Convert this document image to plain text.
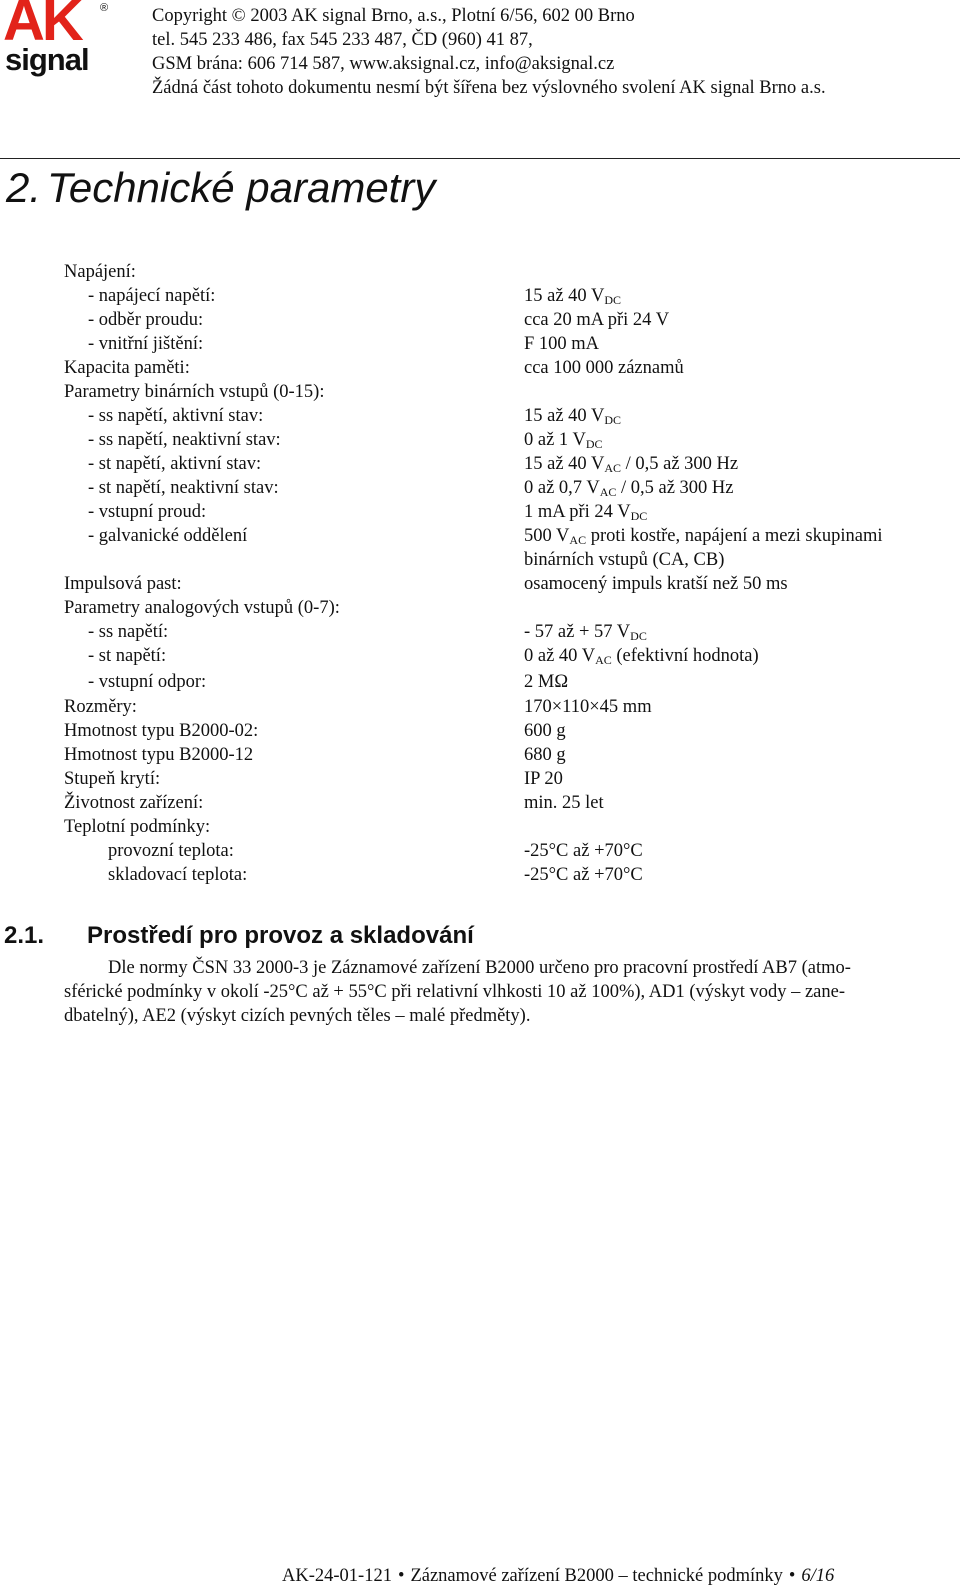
AK ®
signal
Copyright © 2003 AK signal Brno, a.s., Plotní 6/56, 602 00 Brno
tel. 545 233 486, fax 545 233 487, ČD (960) 41 87,
GSM brána: 606 714 587, www.aksignal.cz, info@aksignal.cz
Žádná část tohoto dokumentu nesmí být šířena bez výslovného svolení AK signal Brno a.s.
2. Technické parametry
Napájení:
- napájecí napětí:	15 až 40 $V_{DC}$
- odběr proudu:	cca 20 mA při 24 V
- vnitřní jištění:	F 100 mA
Kapacita paměti:	cca 100 000 záznamů
Parametry binárních vstupů (0-15):
- ss napětí, aktivní stav:	15 až 40 $V_{DC}$
- ss napětí, neaktivní stav:	0 až 1 $V_{DC}$
- st napětí, aktivní stav:	15 až 40 $V_{AC} / 0,5$ až 300 Hz
- st napětí, neaktivní stav:	0 až 0,7 $V_{AC} / 0,5$ až 300 Hz
- vstupní proud:	1 mA při 24 $V_{DC}$
- galvanické oddělení	500 $V_{AC}$ proti kostře, napájení a mezi skupinami
binárních vstupů (CA, CB)
Impulsová past:	osamocený impuls kratší než 50 ms
Parametry analogových vstupů (0-7):
- ss napětí:	- 57 až + 57 $V_{DC}$
- st napětí:	0 až 40 $V_{AC}$ (efektivní hodnota)
- vstupní odpor:	2 MΩ
Rozměry:	170×110×45 mm
Hmotnost typu B2000-02:	600 g
Hmotnost typu B2000-12	680 g
Stupeň krytí:	IP 20
Životnost zařízení:	min. 25 let
Teplotní podmínky:
provozní teplota:	-25°C až +70°C
skladovací teplota:	-25°C až +70°C
2.1. Prostředí pro provoz a skladování
Dle normy ČSN 33 2000-3 je Záznamové zařízení B2000 určeno pro pracovní prostředí AB7 (atmo-
sférické podmínky v okolí -25°C až + 55°C při relativní vlhkosti 10 až 100%), AD1 (výskyt vody – zane-
dbatelný), AE2 (výskyt cizích pevných těles – malé předměty).
AK-24-01-121 • Záznamové zařízení B2000 – technické podmínky • 6/16
